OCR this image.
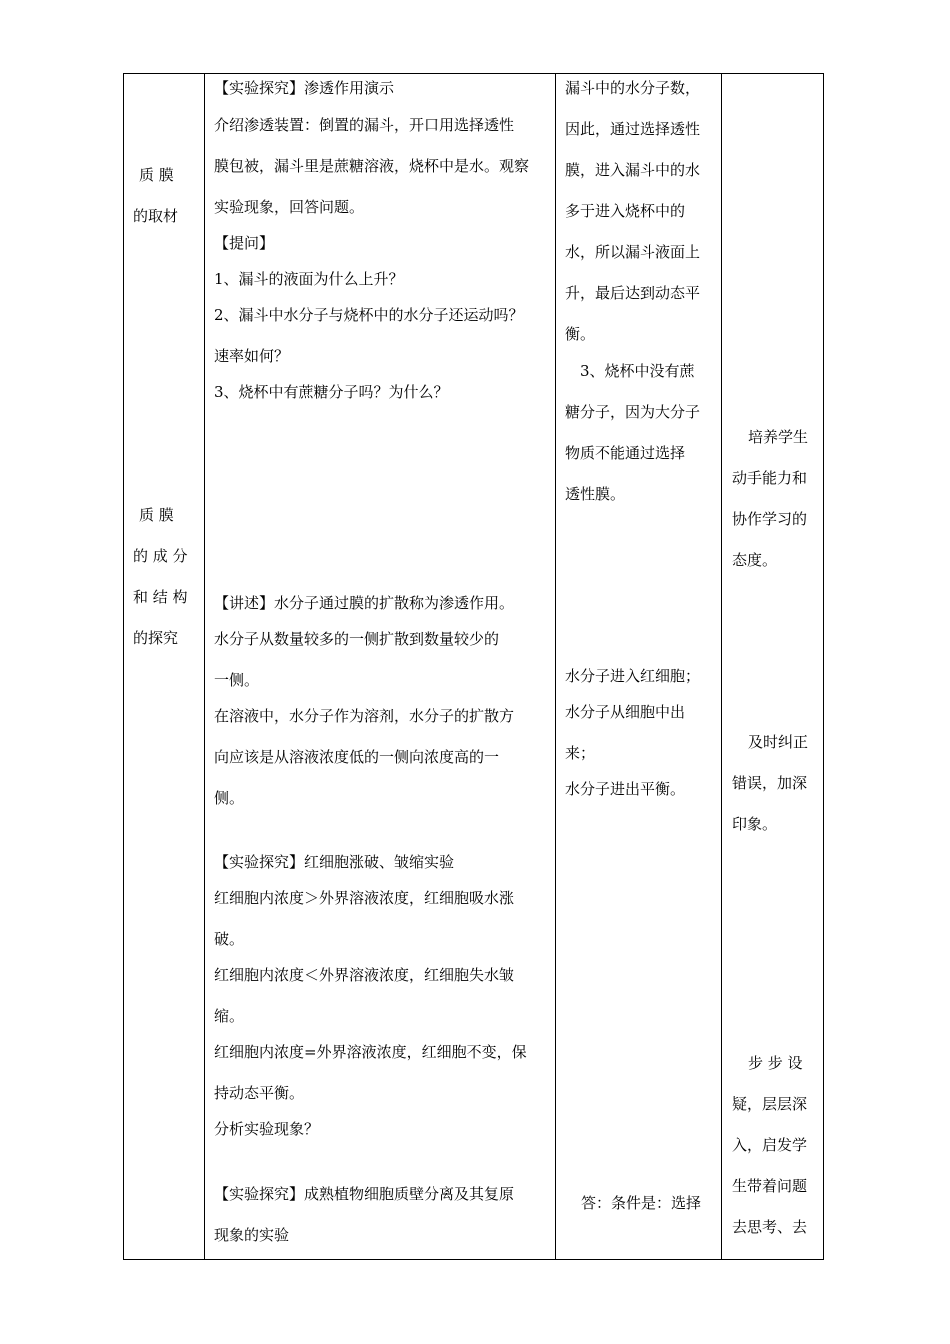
质 膜
的取材
质 膜
的 成 分
和 结 构
的探究
【实验探究】渗透作用演示
介绍渗透装置：倒置的漏斗，开口用选择透性
膜包被，漏斗里是蔗糖溶液，烧杯中是水。观察
实验现象，回答问题。
【提问】
1、漏斗的液面为什么上升？
2、漏斗中水分子与烧杯中的水分子还运动吗？
速率如何？
3、烧杯中有蔗糖分子吗？为什么？
【讲述】水分子通过膜的扩散称为渗透作用。
水分子从数量较多的一侧扩散到数量较少的
一侧。
在溶液中，水分子作为溶剂，水分子的扩散方
向应该是从溶液浓度低的一侧向浓度高的一
侧。
【实验探究】红细胞涨破、皱缩实验
红细胞内浓度＞外界溶液浓度，红细胞吸水涨
破。
红细胞内浓度＜外界溶液浓度，红细胞失水皱
缩。
红细胞内浓度=外界溶液浓度，红细胞不变，保
持动态平衡。
分析实验现象？
【实验探究】成熟植物细胞质壁分离及其复原
现象的实验
漏斗中的水分子数，
因此，通过选择透性
膜，进入漏斗中的水
多于进入烧杯中的
水，所以漏斗液面上
升，最后达到动态平
衡。
3、烧杯中没有蔗
糖分子，因为大分子
物质不能通过选择
透性膜。
水分子进入红细胞；
水分子从细胞中出
来；
水分子进出平衡。
答：条件是：选择
培养学生
动手能力和
协作学习的
态度。
及时纠正
错误，加深
印象。
步 步 设
疑，层层深
入，启发学
生带着问题
去思考、去
